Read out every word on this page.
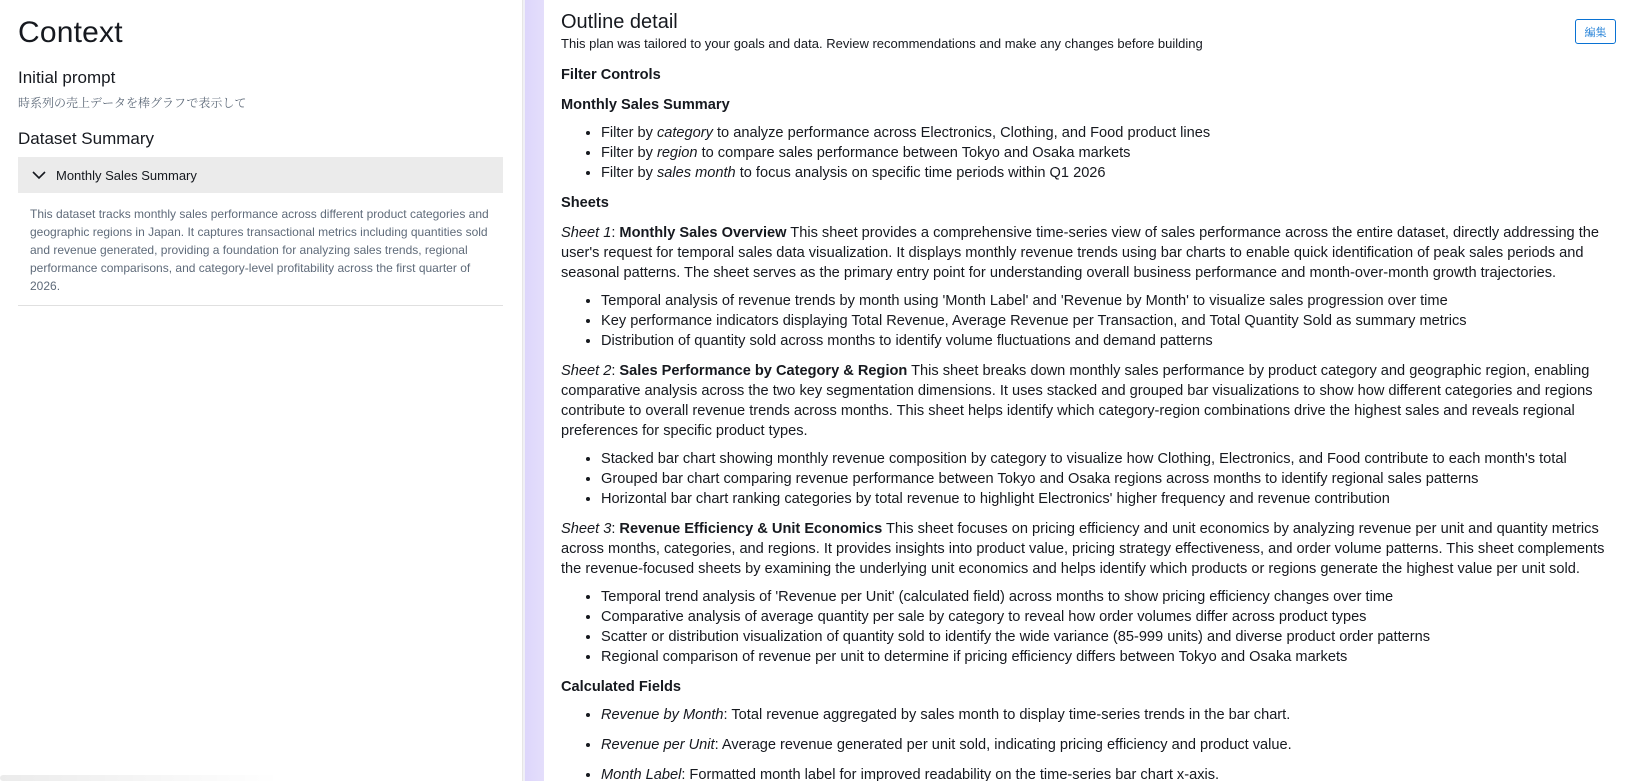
Context
Initial prompt
時系列の売上データを棒グラフで表示して
Dataset Summary
Monthly Sales Summary
This dataset tracks monthly sales performance across different product categories and geographic regions in Japan. It captures transactional metrics including quantities sold and revenue generated, providing a foundation for analyzing sales trends, regional performance comparisons, and category-level profitability across the first quarter of 2026.
編集
Outline detail
This plan was tailored to your goals and data. Review recommendations and make any changes before building
Filter Controls
Monthly Sales Summary
• Filter by category to analyze performance across Electronics, Clothing, and Food product lines
• Filter by region to compare sales performance between Tokyo and Osaka markets
• Filter by sales month to focus analysis on specific time periods within Q1 2026
Sheets

Sheet 1: Monthly Sales Overview This sheet provides a comprehensive time-series view of sales performance across the entire dataset, directly addressing the user's request for temporal sales data visualization. It displays monthly revenue trends using bar charts to enable quick identification of peak sales periods and seasonal patterns. The sheet serves as the primary entry point for understanding overall business performance and month-over-month growth trajectories.

• Temporal analysis of revenue trends by month using 'Month Label' and 'Revenue by Month' to visualize sales progression over time
• Key performance indicators displaying Total Revenue, Average Revenue per Transaction, and Total Quantity Sold as summary metrics
• Distribution of quantity sold across months to identify volume fluctuations and demand patterns

Sheet 2: Sales Performance by Category & Region This sheet breaks down monthly sales performance by product category and geographic region, enabling comparative analysis across the two key segmentation dimensions. It uses stacked and grouped bar visualizations to show how different categories and regions contribute to overall revenue trends across months. This sheet helps identify which category-region combinations drive the highest sales and reveals regional preferences for specific product types.

• Stacked bar chart showing monthly revenue composition by category to visualize how Clothing, Electronics, and Food contribute to each month's total
• Grouped bar chart comparing revenue performance between Tokyo and Osaka regions across months to identify regional sales patterns
• Horizontal bar chart ranking categories by total revenue to highlight Electronics' higher frequency and revenue contribution

Sheet 3: Revenue Efficiency & Unit Economics This sheet focuses on pricing efficiency and unit economics by analyzing revenue per unit and quantity metrics across months, categories, and regions. It provides insights into product value, pricing strategy effectiveness, and order volume patterns. This sheet complements the revenue-focused sheets by examining the underlying unit economics and helps identify which products or regions generate the highest value per unit sold.

• Temporal trend analysis of 'Revenue per Unit' (calculated field) across months to show pricing efficiency changes over time
• Comparative analysis of average quantity per sale by category to reveal how order volumes differ across product types
• Scatter or distribution visualization of quantity sold to identify the wide variance (85-999 units) and diverse product order patterns
• Regional comparison of revenue per unit to determine if pricing efficiency differs between Tokyo and Osaka markets
Calculated Fields
• Revenue by Month: Total revenue aggregated by sales month to display time-series trends in the bar chart.
• Revenue per Unit: Average revenue generated per unit sold, indicating pricing efficiency and product value.
• Month Label: Formatted month label for improved readability on the time-series bar chart x-axis.
